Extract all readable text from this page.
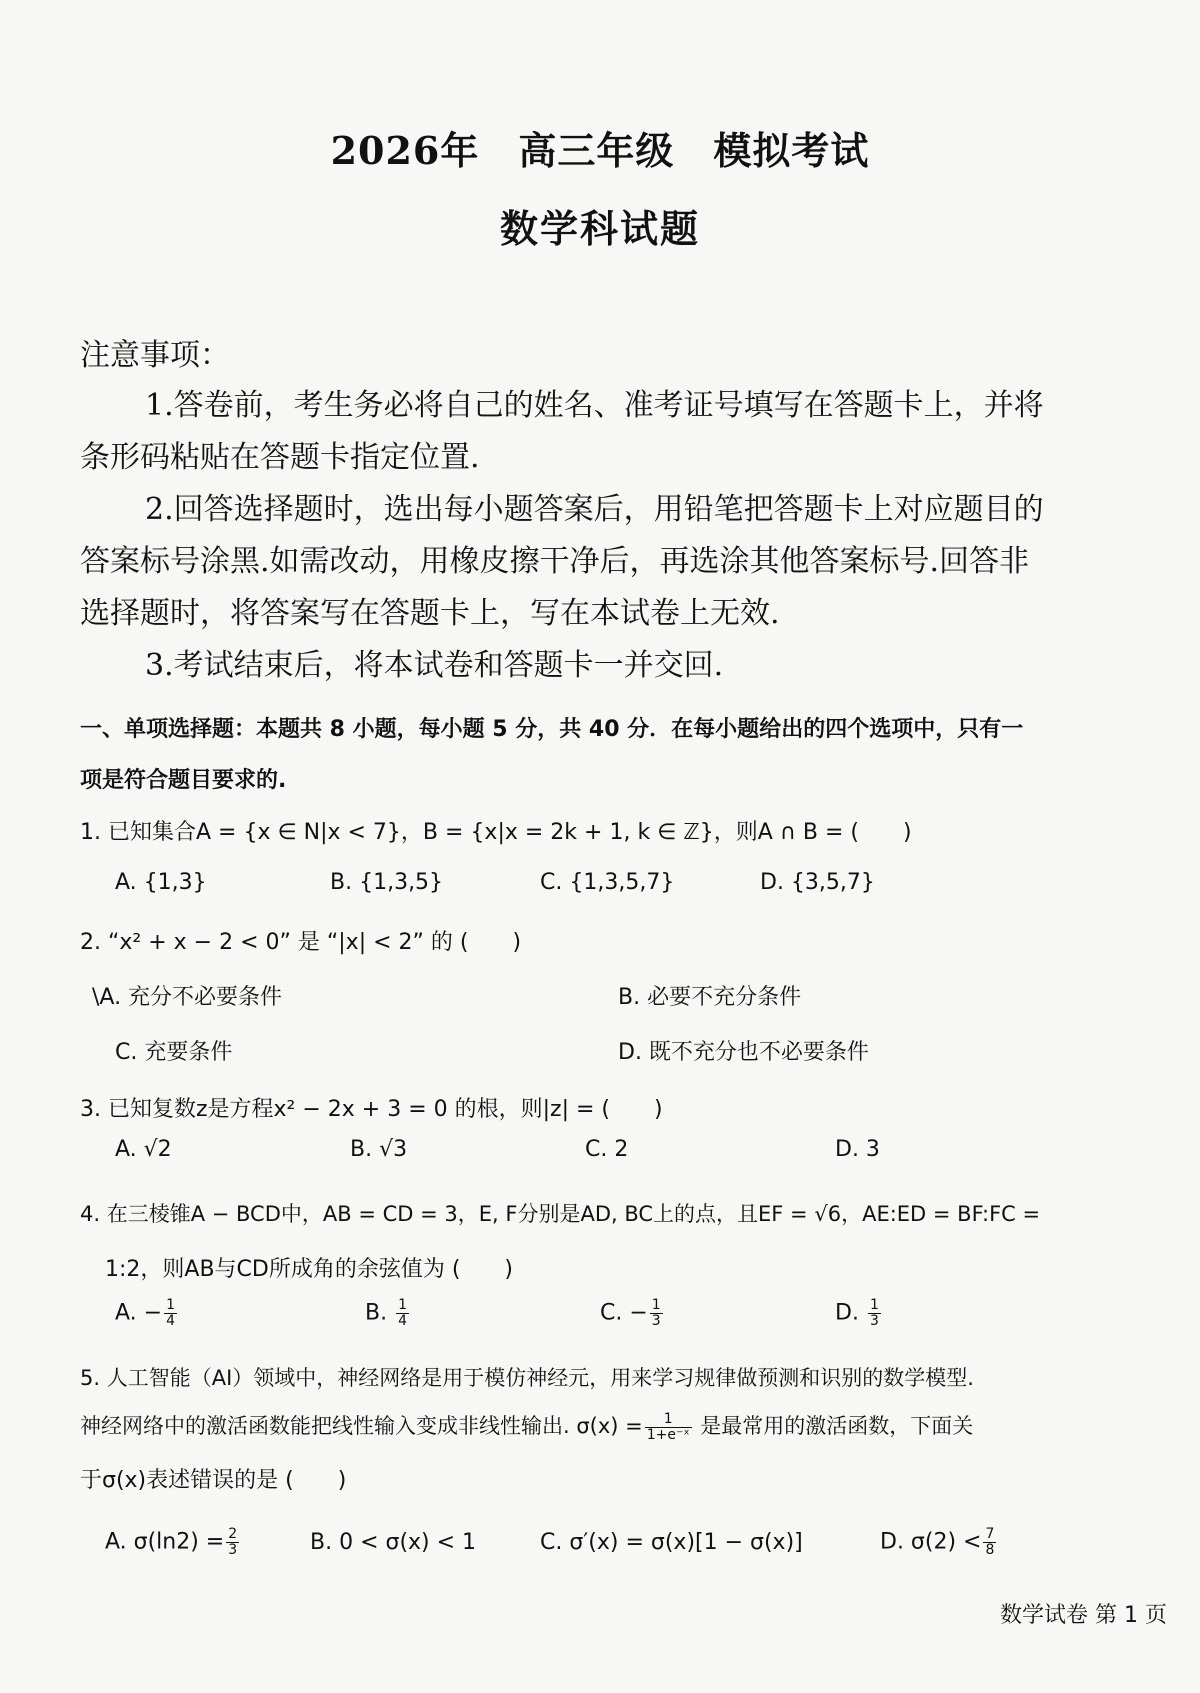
2026年　高三年级　模拟考试
数学科试题
注意事项：
1.答卷前，考生务必将自己的姓名、准考证号填写在答题卡上，并将
条形码粘贴在答题卡指定位置.
2.回答选择题时，选出每小题答案后，用铅笔把答题卡上对应题目的
答案标号涂黑.如需改动，用橡皮擦干净后，再选涂其他答案标号.回答非
选择题时，将答案写在答题卡上，写在本试卷上无效.
3.考试结束后，将本试卷和答题卡一并交回.
一、单项选择题：本题共 8 小题，每小题 5 分，共 40 分．在每小题给出的四个选项中，只有一
项是符合题目要求的.
1. 已知集合A = {x ∈ N|x < 7}，B = {x|x = 2k + 1, k ∈ ℤ}，则A ∩ B = (　　)
A. {1,3}	B. {1,3,5}	C. {1,3,5,7}	D. {3,5,7}
2. “x² + x − 2 < 0” 是 “|x| < 2” 的 (　　)
\A. 充分不必要条件	B. 必要不充分条件
C. 充要条件	D. 既不充分也不必要条件
3. 已知复数z是方程x² − 2x + 3 = 0 的根，则|z| = (　　)
A. √2	B. √3	C. 2	D. 3
4. 在三棱锥A − BCD中，AB = CD = 3，E, F分别是AD, BC上的点，且EF = √6，AE:ED = BF:FC =
1:2，则AB与CD所成角的余弦值为 (　　)
A. − $\frac{1}{4}$	B. $\frac{1}{4}$	C. − $\frac{1}{3}$	D. $\frac{1}{3}$
5. 人工智能（AI）领域中，神经网络是用于模仿神经元，用来学习规律做预测和识别的数学模型.
神经网络中的激活函数能把线性输入变成非线性输出. $\sigma(x) = \frac{1}{\text{1+e⁻ˣ}}$ 是最常用的激活函数，下面关
于σ(x)表述错误的是 (　　)
A. $\sigma(\ln 2) = \frac{2}{3}$	B. 0 < σ(x) < 1	C. σ′(x) = σ(x)[1 − σ(x)]	D. $\sigma(2) < \frac{7}{8}$
数学试卷 第 1 页
